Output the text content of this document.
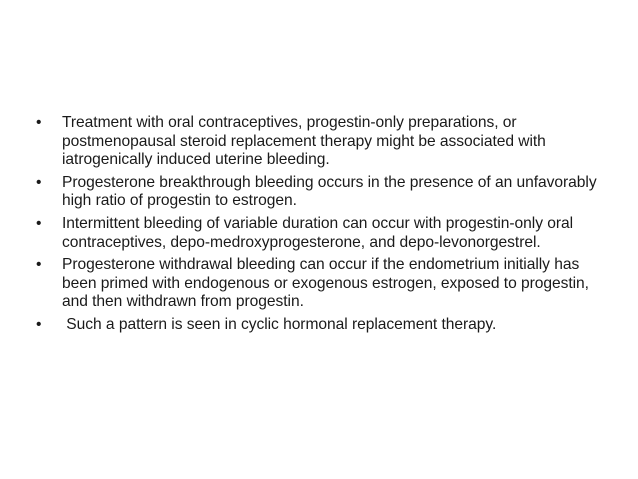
•	Treatment with oral contraceptives, progestin-only preparations, or postmenopausal steroid replacement therapy might be associated with iatrogenically induced uterine bleeding.
•	Progesterone breakthrough bleeding occurs in the presence of an unfavorably high ratio of progestin to estrogen.
•	Intermittent bleeding of variable duration can occur with progestin-only oral contraceptives, depo-medroxyprogesterone, and depo-levonorgestrel.
•	Progesterone withdrawal bleeding can occur if the endometrium initially has been primed with endogenous or exogenous estrogen, exposed to progestin, and then withdrawn from progestin.
•	Such a pattern is seen in cyclic hormonal replacement therapy.
